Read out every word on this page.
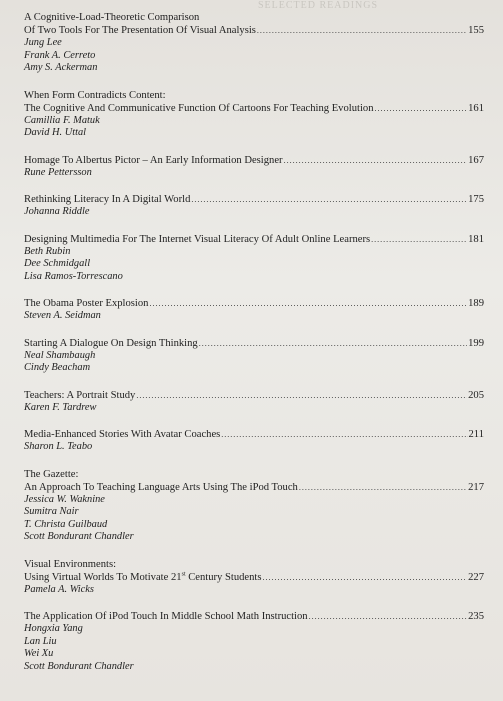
SELECTED READINGS
A Cognitive-Load-Theoretic Comparison
Of Two Tools For The Presentation Of Visual Analysis .....	155
Jung Lee
Frank A. Cerreto
Amy S. Ackerman
When Form Contradicts Content:
The Cognitive And Communicative Function Of Cartoons For Teaching Evolution .....	161
Camillia F. Matuk
David H. Uttal
Homage To Albertus Pictor – An Early Information Designer .....	167
Rune Pettersson
Rethinking Literacy In A Digital World .....	175
Johanna Riddle
Designing Multimedia For The Internet Visual Literacy Of Adult Online Learners .....	181
Beth Rubin
Dee Schmidgall
Lisa Ramos-Torrescano
The Obama Poster Explosion .....	189
Steven A. Seidman
Starting A Dialogue On Design Thinking .....	199
Neal Shambaugh
Cindy Beacham
Teachers: A Portrait Study .....	205
Karen F. Tardrew
Media-Enhanced Stories With Avatar Coaches .....	211
Sharon L. Teabo
The Gazette:
An Approach To Teaching Language Arts Using The iPod Touch .....	217
Jessica W. Waknine
Sumitra Nair
T. Christa Guilbaud
Scott Bondurant Chandler
Visual Environments:
Using Virtual Worlds To Motivate 21st Century Students .....	227
Pamela A. Wicks
The Application Of iPod Touch In Middle School Math Instruction .....	235
Hongxia Yang
Lan Liu
Wei Xu
Scott Bondurant Chandler
